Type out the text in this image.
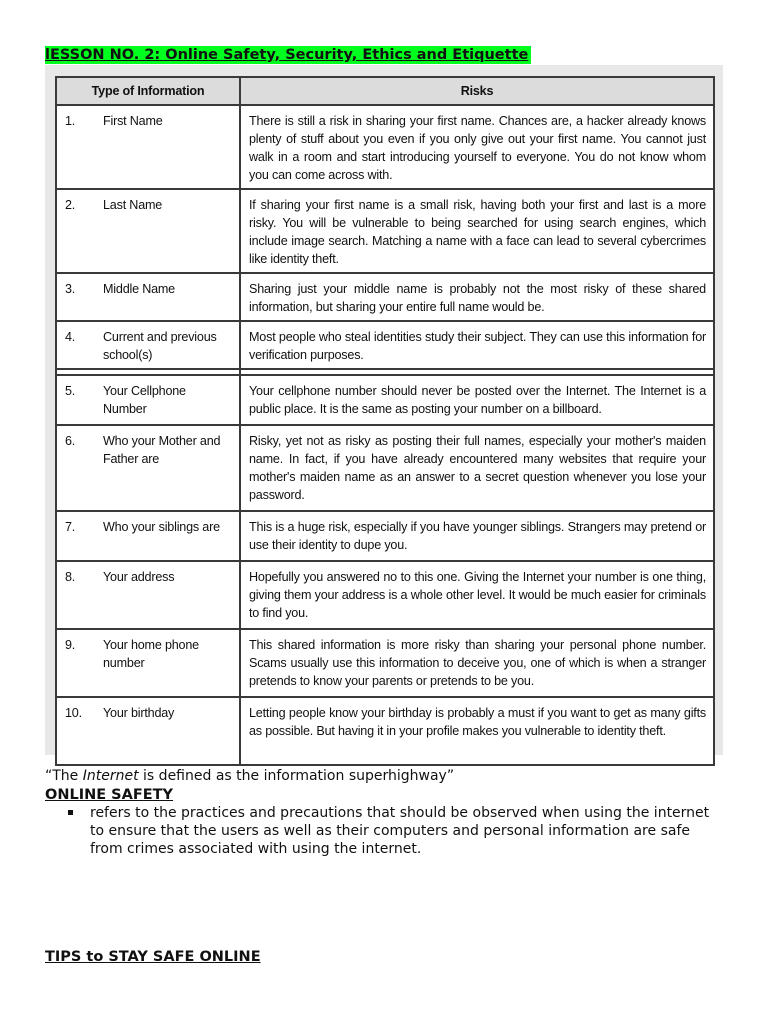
lESSON NO. 2: Online Safety, Security, Ethics and Etiquette
Type of Information	Risks
1. First Name	There is still a risk in sharing your first name. Chances are, a hacker already knows plenty of stuff about you even if you only give out your first name. You cannot just walk in a room and start introducing yourself to everyone. You do not know whom you can come across with.
2. Last Name	If sharing your first name is a small risk, having both your first and last is a more risky. You will be vulnerable to being searched for using search engines, which include image search. Matching a name with a face can lead to several cybercrimes like identity theft.
3. Middle Name	Sharing just your middle name is probably not the most risky of these shared information, but sharing your entire full name would be.
4. Current and previous school(s)	Most people who steal identities study their subject. They can use this information for verification purposes.

5. Your Cellphone Number	Your cellphone number should never be posted over the Internet. The Internet is a public place. It is the same as posting your number on a billboard.
6. Who your Mother and Father are	Risky, yet not as risky as posting their full names, especially your mother's maiden name. In fact, if you have already encountered many websites that require your mother's maiden name as an answer to a secret question whenever you lose your password.
7. Who your siblings are	This is a huge risk, especially if you have younger siblings. Strangers may pretend or use their identity to dupe you.
8. Your address	Hopefully you answered no to this one. Giving the Internet your number is one thing, giving them your address is a whole other level. It would be much easier for criminals to find you.
9. Your home phone number	This shared information is more risky than sharing your personal phone number. Scams usually use this information to deceive you, one of which is when a stranger pretends to know your parents or pretends to be you.
10. Your birthday	Letting people know your birthday is probably a must if you want to get as many gifts as possible. But having it in your profile makes you vulnerable to identity theft.
“The Internet is defined as the information superhighway”
ONLINE SAFETY
refers to the practices and precautions that should be observed when using the internet to ensure that the users as well as their computers and personal information are safe from crimes associated with using the internet.
TIPS to STAY SAFE ONLINE
